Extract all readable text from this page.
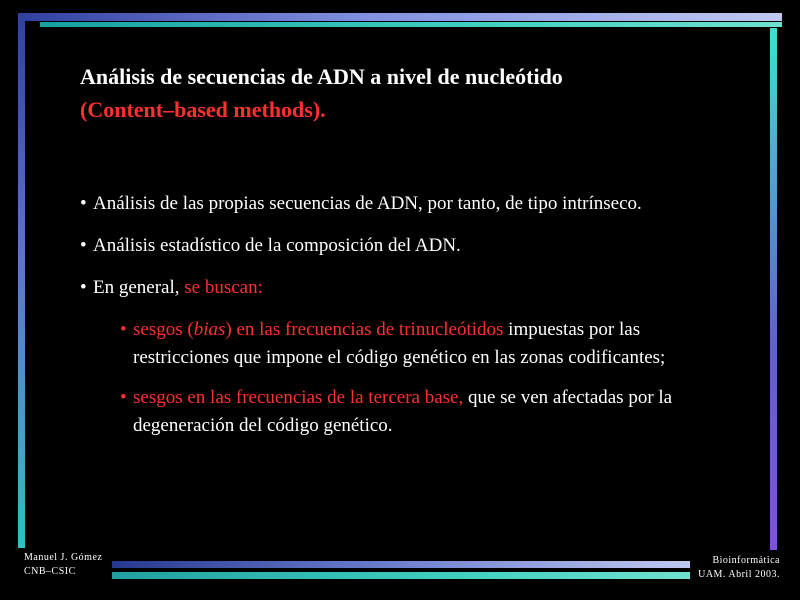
Análisis de secuencias de ADN a nivel de nucleótido
(Content–based methods).
• Análisis de las propias secuencias de ADN, por tanto, de tipo intrínseco.
• Análisis estadístico de la composición del ADN.
• En general, se buscan:
• sesgos (bias) en las frecuencias de trinucleótidos impuestas por las restricciones que impone el código genético en las zonas codificantes;
• sesgos en las frecuencias de la tercera base, que se ven afectadas por la degeneración del código genético.
Manuel J. Gómez
CNB–CSIC
Bioinformática
UAM. Abril 2003.
